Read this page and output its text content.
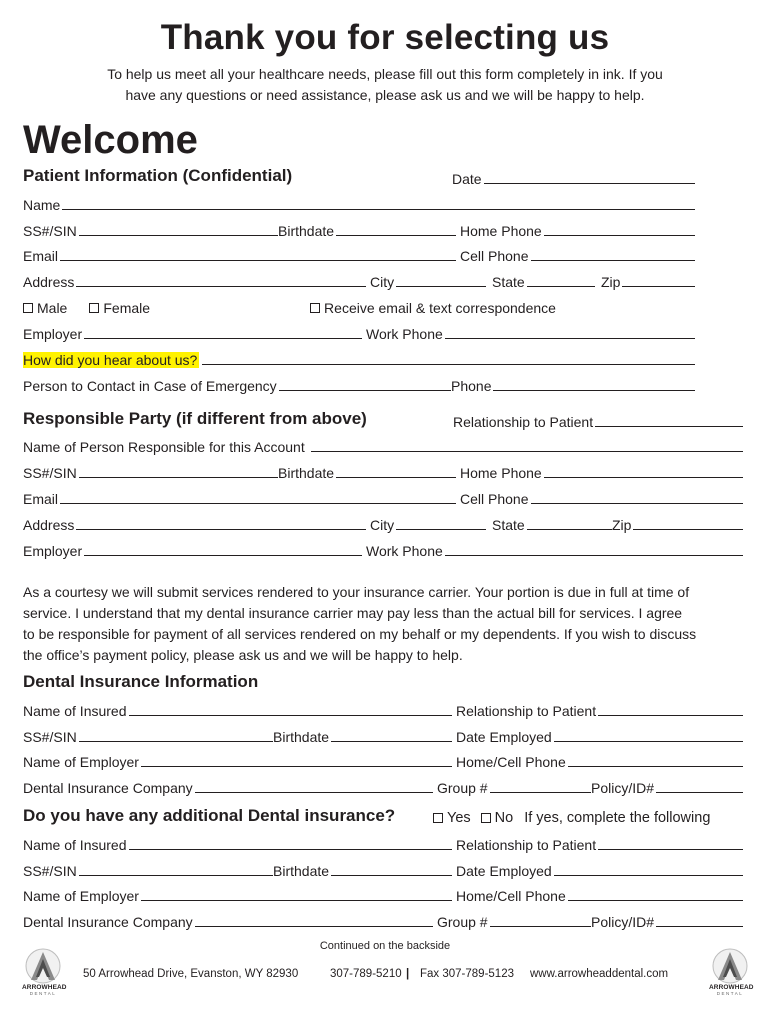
Thank you for selecting us
To help us meet all your healthcare needs, please fill out this form completely in ink. If you
have any questions or need assistance, please ask us and we will be happy to help.
Welcome
Patient Information (Confidential)	Date
Name
SS#/SIN	Birthdate	Home Phone
Email	Cell Phone
Address	City	State	Zip
Male	Female	Receive email & text correspondence
Employer	Work Phone
How did you hear about us?
Person to Contact in Case of Emergency	Phone
Responsible Party (if different from above)	Relationship to Patient
Name of Person Responsible for this Account
SS#/SIN	Birthdate	Home Phone
Email	Cell Phone
Address	City	State	Zip
Employer	Work Phone
As a courtesy we will submit services rendered to your insurance carrier. Your portion is due in full at time of
service. I understand that my dental insurance carrier may pay less than the actual bill for services. I agree
to be responsible for payment of all services rendered on my behalf or my dependents. If you wish to discuss
the office’s payment policy, please ask us and we will be happy to help.
Dental Insurance Information
Name of Insured	Relationship to Patient
SS#/SIN	Birthdate	Date Employed
Name of Employer	Home/Cell Phone
Dental Insurance Company	Group #	Policy/ID#
Do you have any additional Dental insurance?	Yes No If yes, complete the following
Name of Insured	Relationship to Patient
SS#/SIN	Birthdate	Date Employed
Name of Employer	Home/Cell Phone
Dental Insurance Company	Group #	Policy/ID#
Continued on the backside
ARROWHEAD
DENTAL
50 Arrowhead Drive, Evanston, WY 82930	307-789-5210 | Fax 307-789-5123 www.arrowheaddental.com
ARROWHEAD
DENTAL
